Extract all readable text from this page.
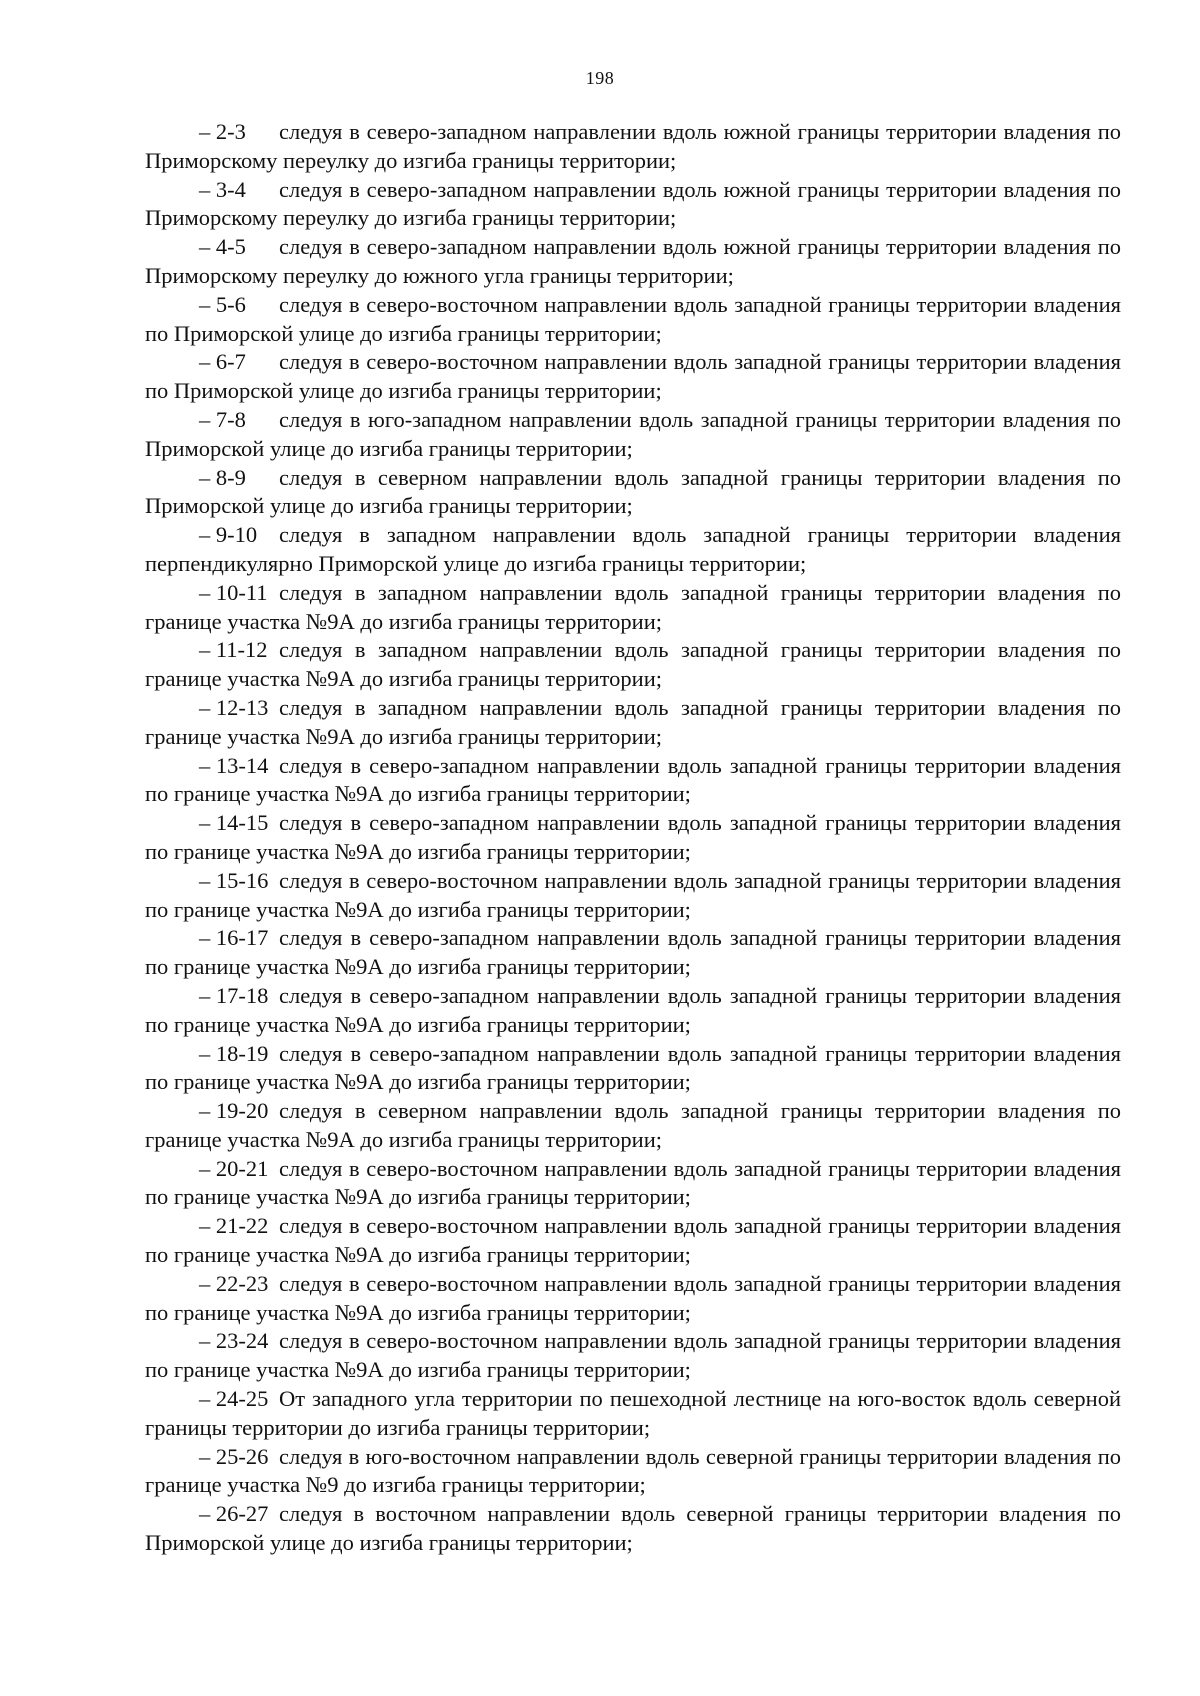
198

– 2-3 следуя в северо-западном направлении вдоль южной границы территории владения по Приморскому переулку до изгиба границы территории;

– 3-4 следуя в северо-западном направлении вдоль южной границы территории владения по Приморскому переулку до изгиба границы территории;

– 4-5 следуя в северо-западном направлении вдоль южной границы территории владения по Приморскому переулку до южного угла границы территории;

– 5-6 следуя в северо-восточном направлении вдоль западной границы территории владения по Приморской улице до изгиба границы территории;

– 6-7 следуя в северо-восточном направлении вдоль западной границы территории владения по Приморской улице до изгиба границы территории;

– 7-8 следуя в юго-западном направлении вдоль западной границы территории владения по Приморской улице до изгиба границы территории;

– 8-9 следуя в северном направлении вдоль западной границы территории владения по Приморской улице до изгиба границы территории;

– 9-10 следуя в западном направлении вдоль западной границы территории владения перпендикулярно Приморской улице до изгиба границы территории;

– 10-11 следуя в западном направлении вдоль западной границы территории владения по границе участка №9А до изгиба границы территории;

– 11-12 следуя в западном направлении вдоль западной границы территории владения по границе участка №9А до изгиба границы территории;

– 12-13 следуя в западном направлении вдоль западной границы территории владения по границе участка №9А до изгиба границы территории;

– 13-14 следуя в северо-западном направлении вдоль западной границы территории владения по границе участка №9А до изгиба границы территории;

– 14-15 следуя в северо-западном направлении вдоль западной границы территории владения по границе участка №9А до изгиба границы территории;

– 15-16 следуя в северо-восточном направлении вдоль западной границы территории владения по границе участка №9А до изгиба границы территории;

– 16-17 следуя в северо-западном направлении вдоль западной границы территории владения по границе участка №9А до изгиба границы территории;

– 17-18 следуя в северо-западном направлении вдоль западной границы территории владения по границе участка №9А до изгиба границы территории;

– 18-19 следуя в северо-западном направлении вдоль западной границы территории владения по границе участка №9А до изгиба границы территории;

– 19-20 следуя в северном направлении вдоль западной границы территории владения по границе участка №9А до изгиба границы территории;

– 20-21 следуя в северо-восточном направлении вдоль западной границы территории владения по границе участка №9А до изгиба границы территории;

– 21-22 следуя в северо-восточном направлении вдоль западной границы территории владения по границе участка №9А до изгиба границы территории;

– 22-23 следуя в северо-восточном направлении вдоль западной границы территории владения по границе участка №9А до изгиба границы территории;

– 23-24 следуя в северо-восточном направлении вдоль западной границы территории владения по границе участка №9А до изгиба границы территории;

– 24-25 От западного угла территории по пешеходной лестнице на юго-восток вдоль северной границы территории до изгиба границы территории;

– 25-26 следуя в юго-восточном направлении вдоль северной границы территории владения по границе участка №9 до изгиба границы территории;

– 26-27 следуя в восточном направлении вдоль северной границы территории владения по Приморской улице до изгиба границы территории;
